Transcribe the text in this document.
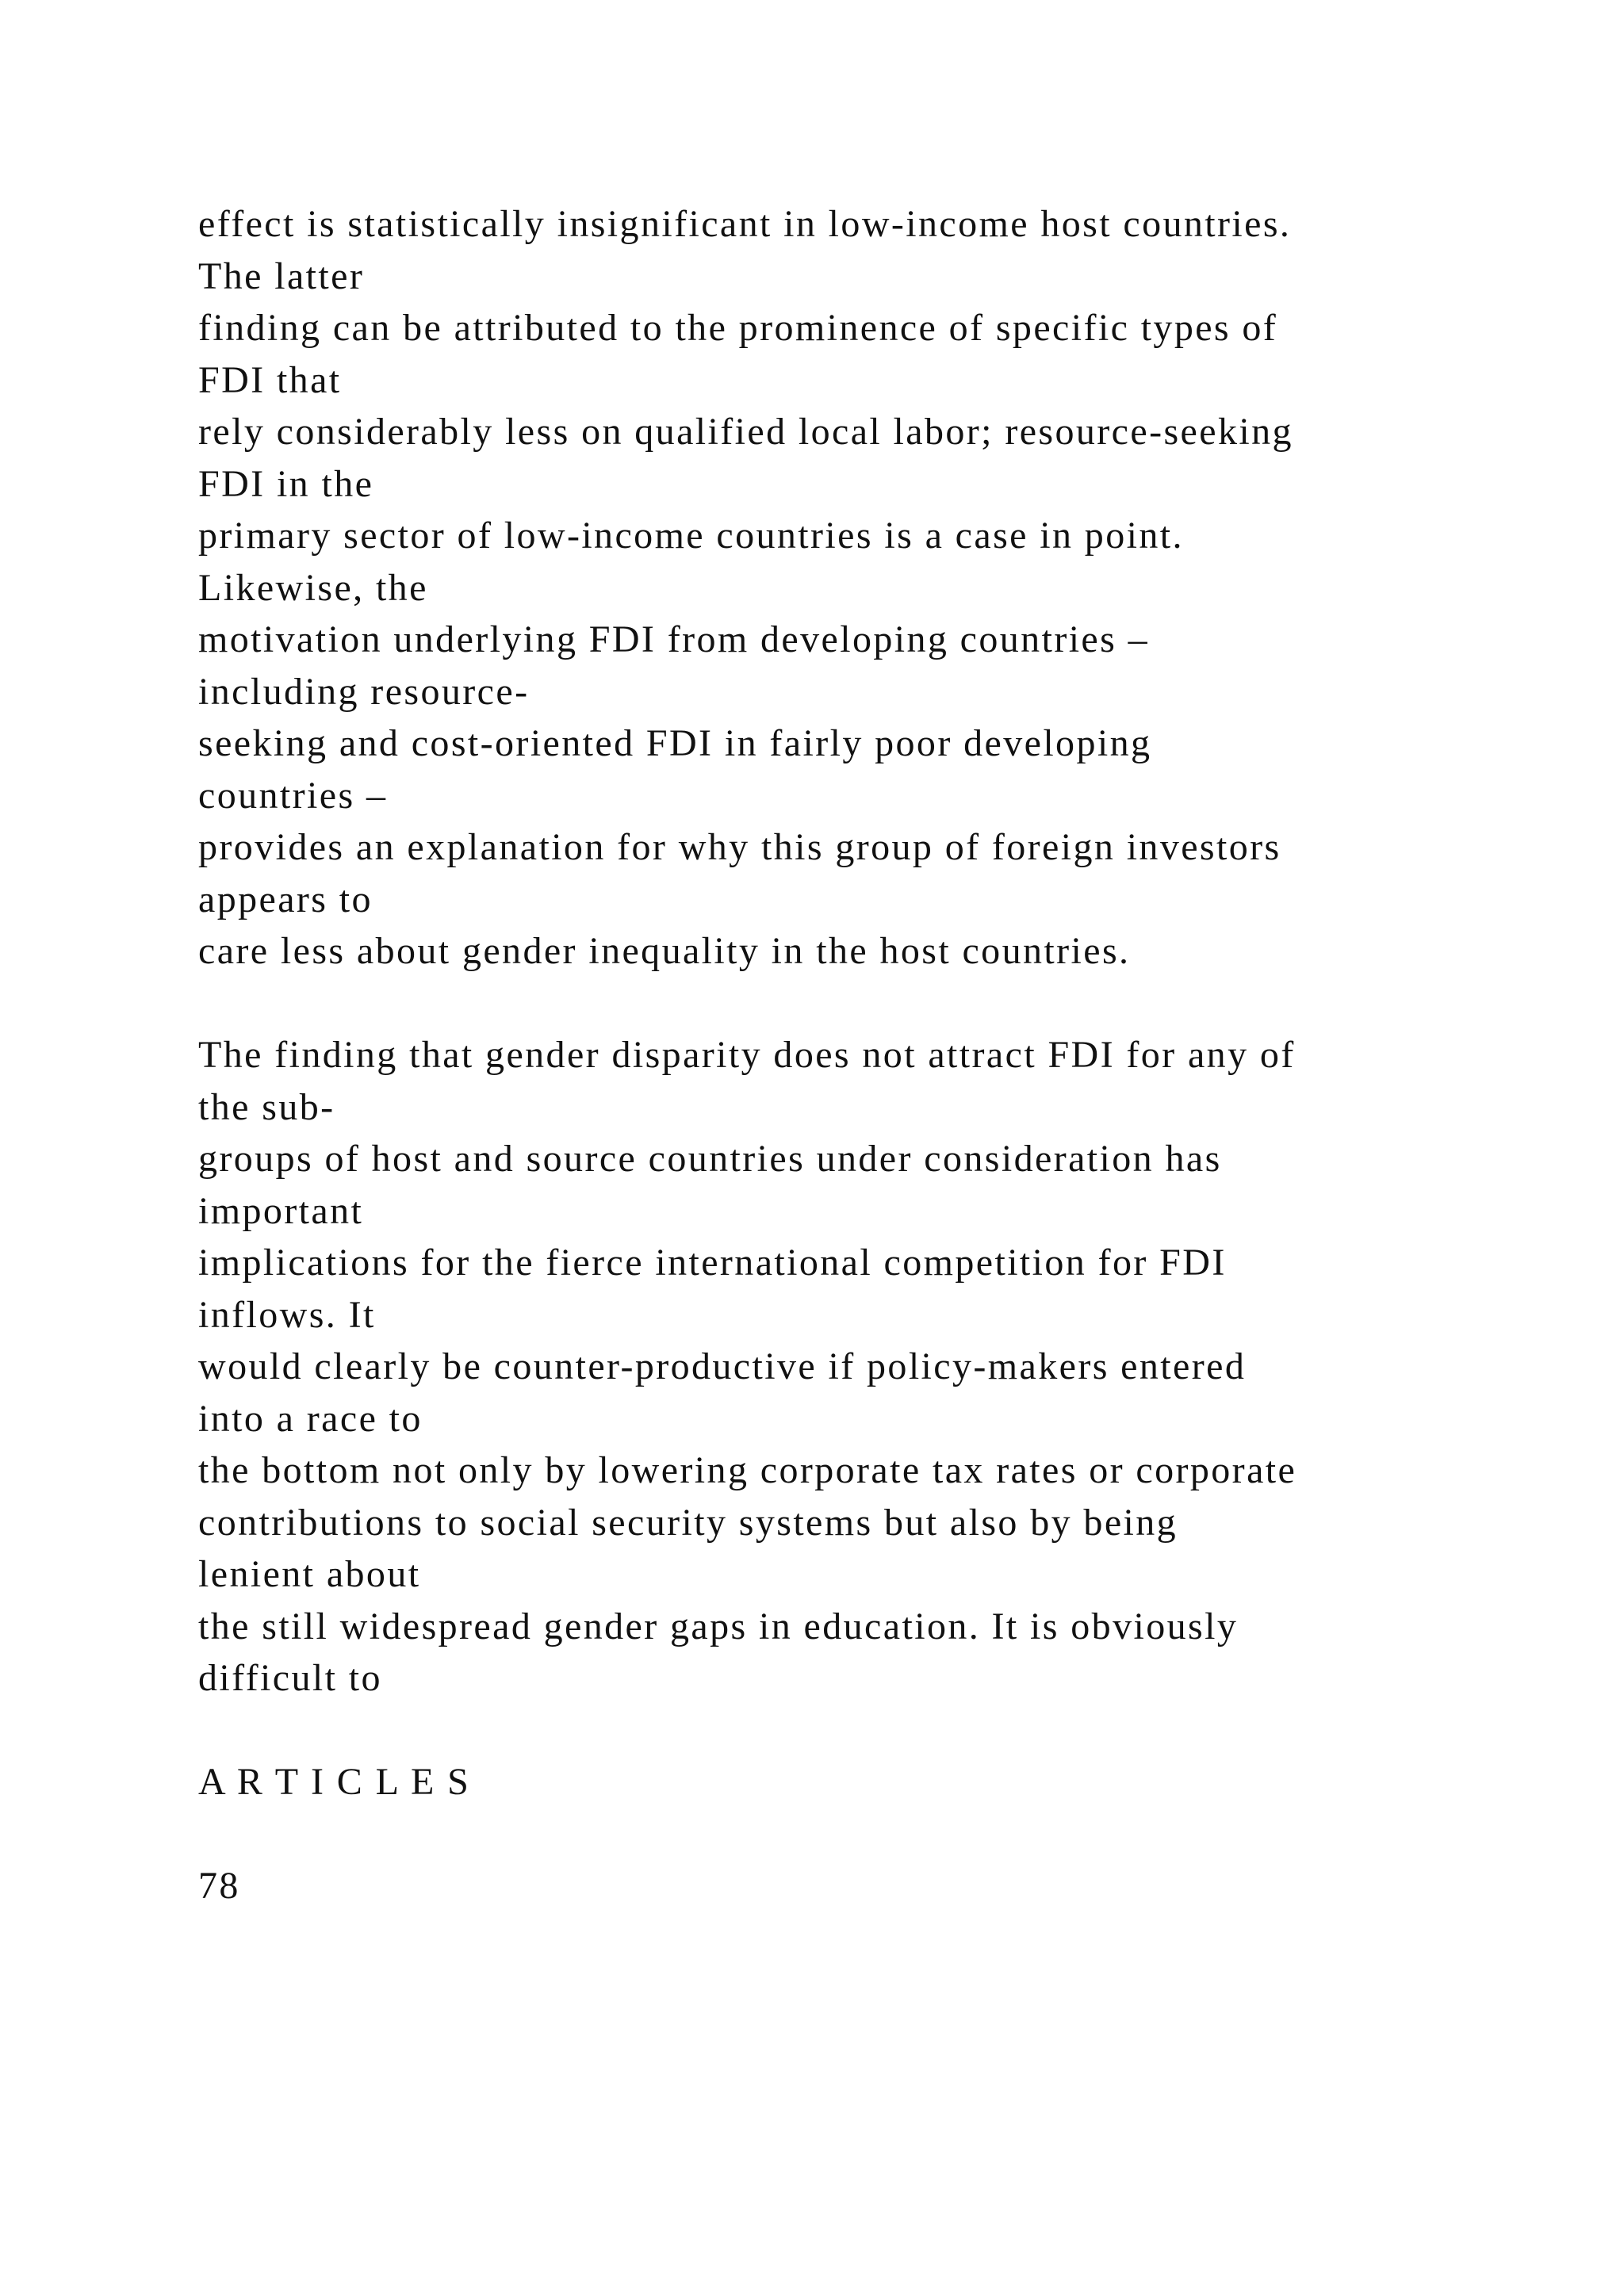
effect is statistically insignificant in low-income host countries.
The latter
finding can be attributed to the prominence of specific types of
FDI that
rely considerably less on qualified local labor; resource-seeking
FDI in the
primary sector of low-income countries is a case in point.
Likewise, the
motivation underlying FDI from developing countries –
including resource-
seeking and cost-oriented FDI in fairly poor developing
countries –
provides an explanation for why this group of foreign investors
appears to
care less about gender inequality in the host countries.
The finding that gender disparity does not attract FDI for any of
the sub-
groups of host and source countries under consideration has
important
implications for the fierce international competition for FDI
inflows. It
would clearly be counter-productive if policy-makers entered
into a race to
the bottom not only by lowering corporate tax rates or corporate
contributions to social security systems but also by being
lenient about
the still widespread gender gaps in education. It is obviously
difficult to
A R T I C L E S
78
